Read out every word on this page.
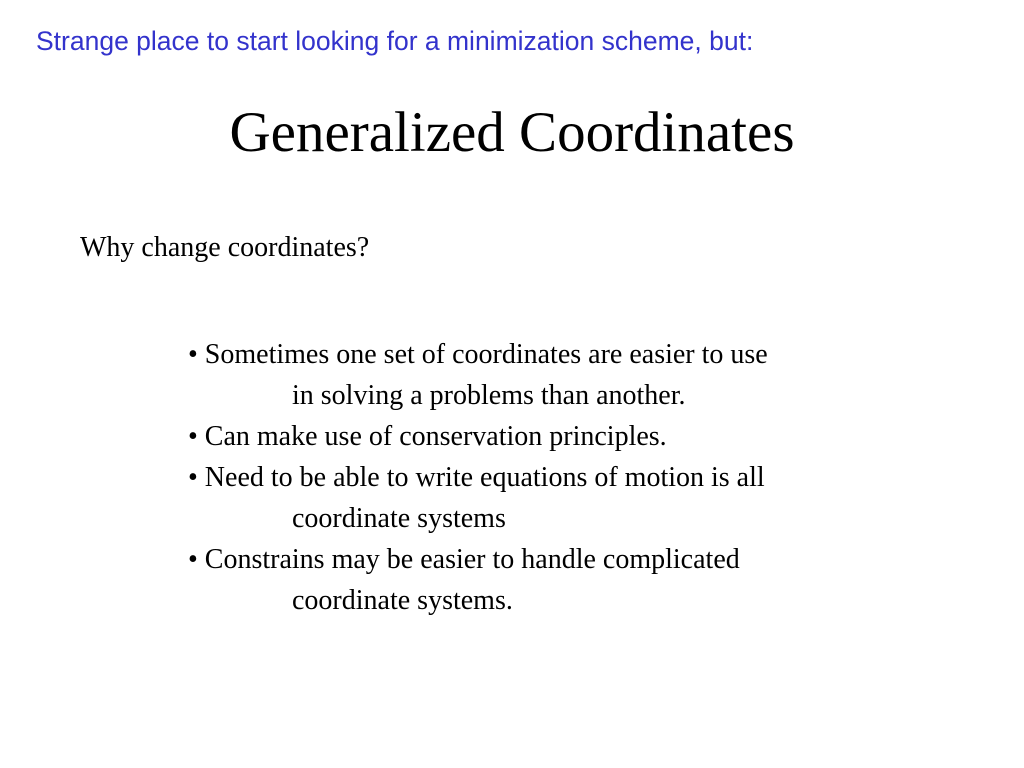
Strange place to start looking for a minimization scheme, but:
Generalized Coordinates
Why change coordinates?
• Sometimes one set of coordinates are easier to use
in solving a problems than another.
• Can make use of conservation principles.
• Need to be able to write equations of motion is all
coordinate systems
• Constrains may be easier to handle complicated
coordinate systems.
